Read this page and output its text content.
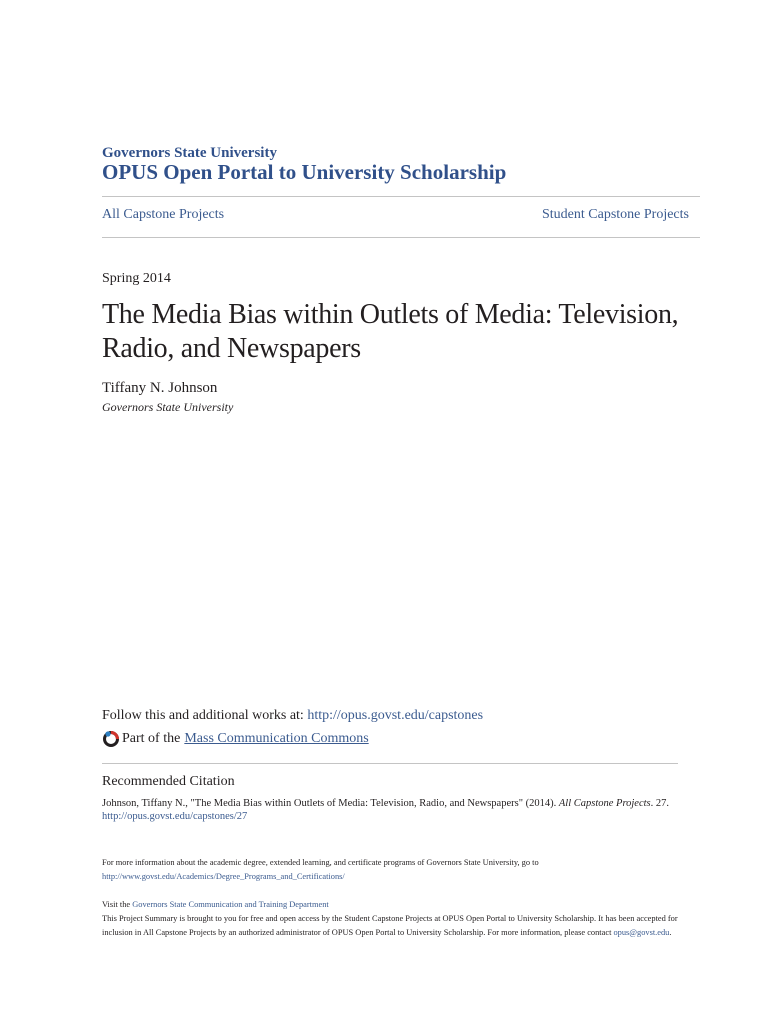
Governors State University
OPUS Open Portal to University Scholarship
All Capstone Projects	Student Capstone Projects
Spring 2014
The Media Bias within Outlets of Media: Television, Radio, and Newspapers
Tiffany N. Johnson
Governors State University
Follow this and additional works at: http://opus.govst.edu/capstones
Part of the Mass Communication Commons
Recommended Citation
Johnson, Tiffany N., "The Media Bias within Outlets of Media: Television, Radio, and Newspapers" (2014). All Capstone Projects. 27.
http://opus.govst.edu/capstones/27
For more information about the academic degree, extended learning, and certificate programs of Governors State University, go to
http://www.govst.edu/Academics/Degree_Programs_and_Certifications/
Visit the Governors State Communication and Training Department
This Project Summary is brought to you for free and open access by the Student Capstone Projects at OPUS Open Portal to University Scholarship. It has been accepted for inclusion in All Capstone Projects by an authorized administrator of OPUS Open Portal to University Scholarship. For more information, please contact opus@govst.edu.
